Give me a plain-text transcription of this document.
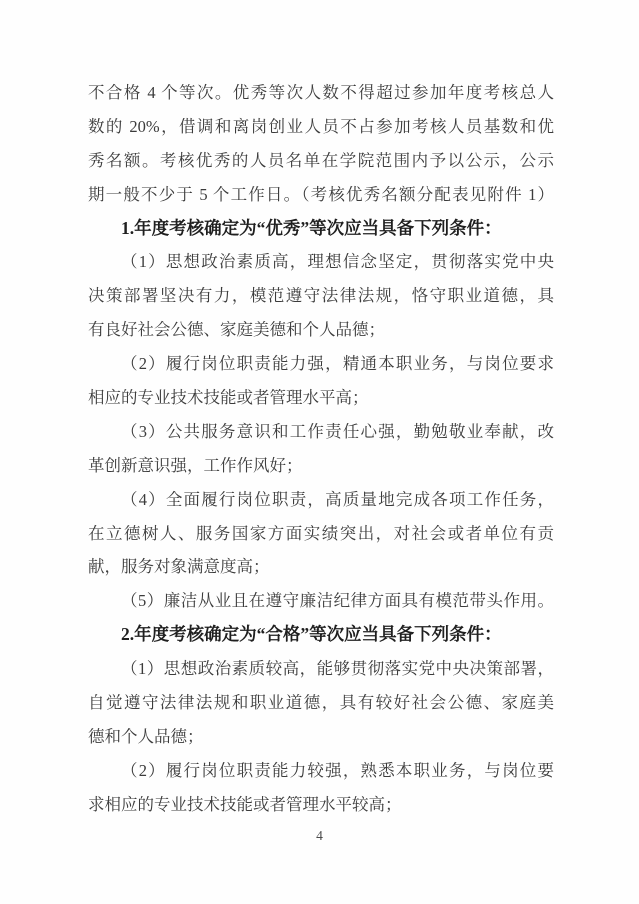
不合格 4 个等次。优秀等次人数不得超过参加年度考核总人
数的 20%，借调和离岗创业人员不占参加考核人员基数和优
秀名额。考核优秀的人员名单在学院范围内予以公示，公示
期一般不少于 5 个工作日。（考核优秀名额分配表见附件 1）
1.年度考核确定为“优秀”等次应当具备下列条件：
（1）思想政治素质高，理想信念坚定，贯彻落实党中央
决策部署坚决有力，模范遵守法律法规，恪守职业道德，具
有良好社会公德、家庭美德和个人品德；
（2）履行岗位职责能力强，精通本职业务，与岗位要求
相应的专业技术技能或者管理水平高；
（3）公共服务意识和工作责任心强，勤勉敬业奉献，改
革创新意识强，工作作风好；
（4）全面履行岗位职责，高质量地完成各项工作任务，
在立德树人、服务国家方面实绩突出，对社会或者单位有贡
献，服务对象满意度高；
（5）廉洁从业且在遵守廉洁纪律方面具有模范带头作用。
2.年度考核确定为“合格”等次应当具备下列条件：
（1）思想政治素质较高，能够贯彻落实党中央决策部署，
自觉遵守法律法规和职业道德，具有较好社会公德、家庭美
德和个人品德；
（2）履行岗位职责能力较强，熟悉本职业务，与岗位要
求相应的专业技术技能或者管理水平较高；
4
